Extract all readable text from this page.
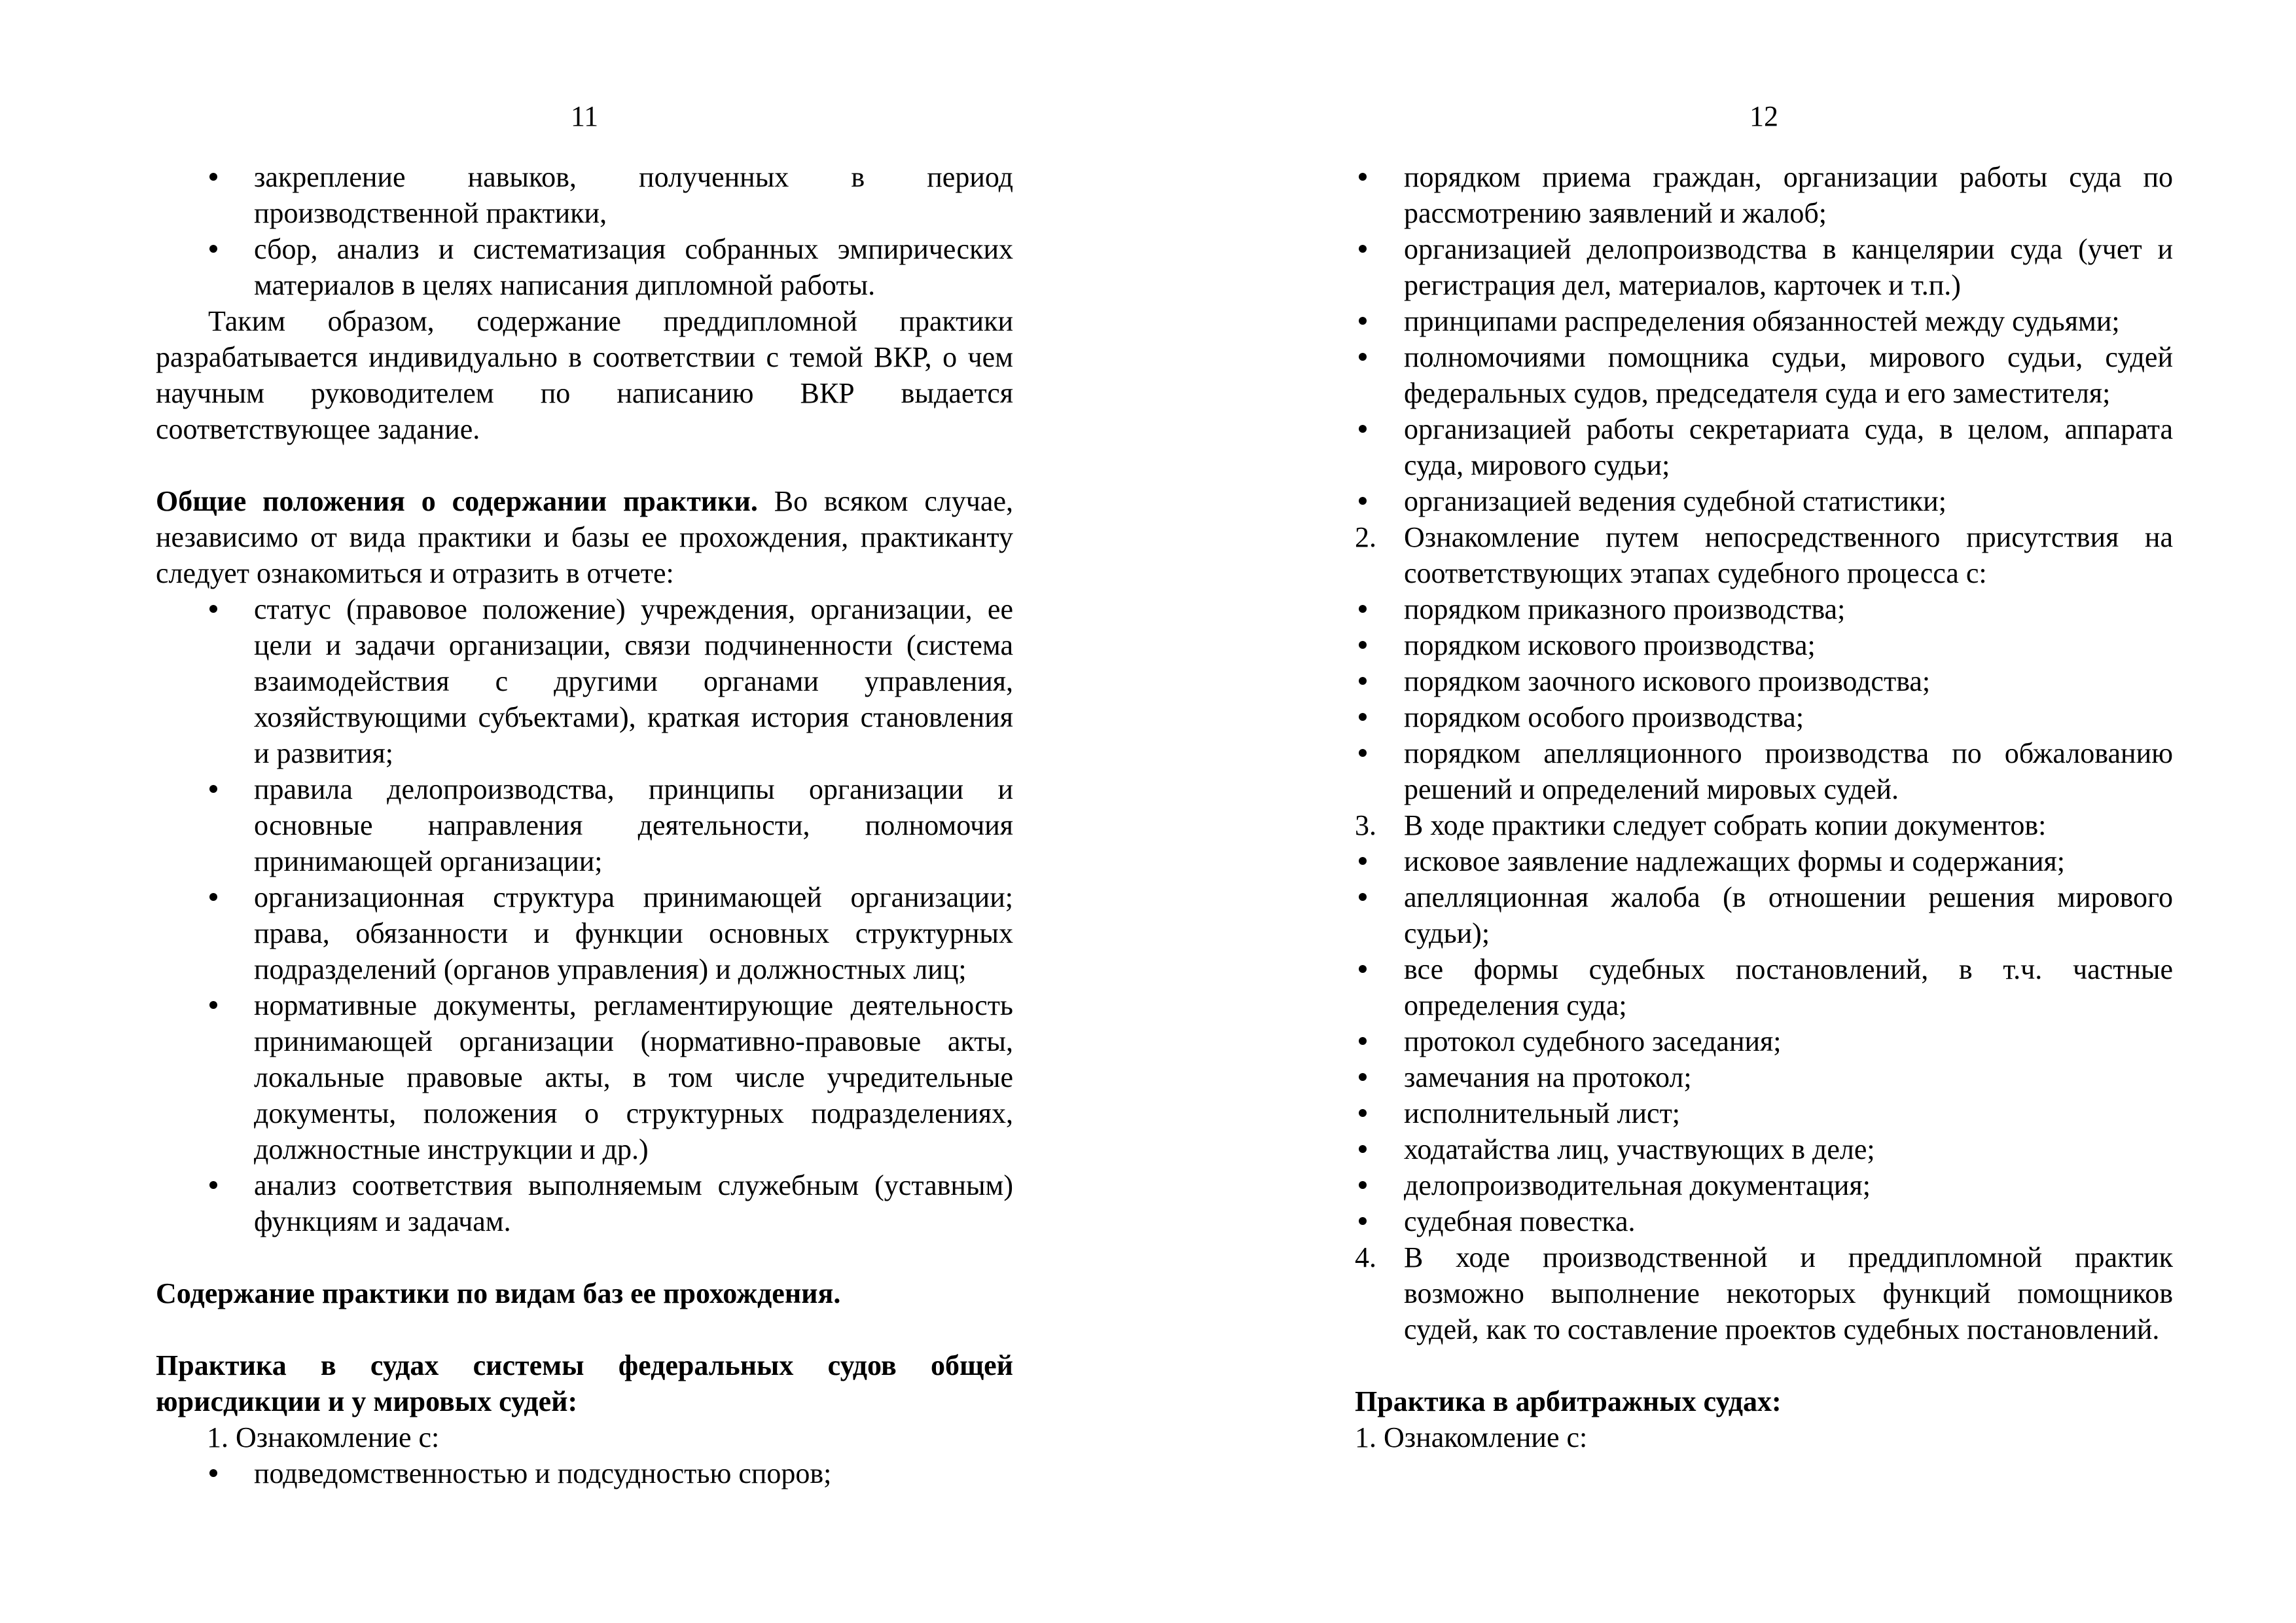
11
закрепление навыков, полученных в период производственной практики,
сбор, анализ и систематизация собранных эмпирических материалов в целях написания дипломной работы.

Таким образом, содержание преддипломной практики разрабатывается индивидуально в соответствии с темой ВКР, о чем научным руководителем по написанию ВКР выдается соответствующее задание.

Общие положения о содержании практики. Во всяком случае, независимо от вида практики и базы ее прохождения, практиканту следует ознакомиться и отразить в отчете:

статус (правовое положение) учреждения, организации, ее цели и задачи организации, связи подчиненности (система взаимодействия с другими органами управления, хозяйствующими субъектами), краткая история становления и развития;
правила делопроизводства, принципы организации и основные направления деятельности, полномочия принимающей организации;
организационная структура принимающей организации; права, обязанности и функции основных структурных подразделений (органов управления) и должностных лиц;
нормативные документы, регламентирующие деятельность принимающей организации (нормативно-правовые акты, локальные правовые акты, в том числе учредительные документы, положения о структурных подразделениях, должностные инструкции и др.)
анализ соответствия выполняемым служебным (уставным) функциям и задачам.

Содержание практики по видам баз ее прохождения.

Практика в судах системы федеральных судов общей юрисдикции и у мировых судей:

1. Ознакомление с:

подведомственностью и подсудностью споров;
12
порядком приема граждан, организации работы суда по рассмотрению заявлений и жалоб;
организацией делопроизводства в канцелярии суда (учет и регистрация дел, материалов, карточек и т.п.)
принципами распределения обязанностей между судьями;
полномочиями помощника судьи, мирового судьи, судей федеральных судов, председателя суда и его заместителя;
организацией работы секретариата суда, в целом, аппарата суда, мирового судьи;
организацией ведения судебной статистики;
2. Ознакомление путем непосредственного присутствия на соответствующих этапах судебного процесса с:
порядком приказного производства;
порядком искового производства;
порядком заочного искового производства;
порядком особого производства;
порядком апелляционного производства по обжалованию решений и определений мировых судей.
3. В ходе практики следует собрать копии документов:
исковое заявление надлежащих формы и содержания;
апелляционная жалоба (в отношении решения мирового судьи);
все формы судебных постановлений, в т.ч. частные определения суда;
протокол судебного заседания;
замечания на протокол;
исполнительный лист;
ходатайства лиц, участвующих в деле;
делопроизводительная документация;
судебная повестка.
4. В ходе производственной и преддипломной практик возможно выполнение некоторых функций помощников судей, как то составление проектов судебных постановлений.

Практика в арбитражных судах:

1. Ознакомление с:
